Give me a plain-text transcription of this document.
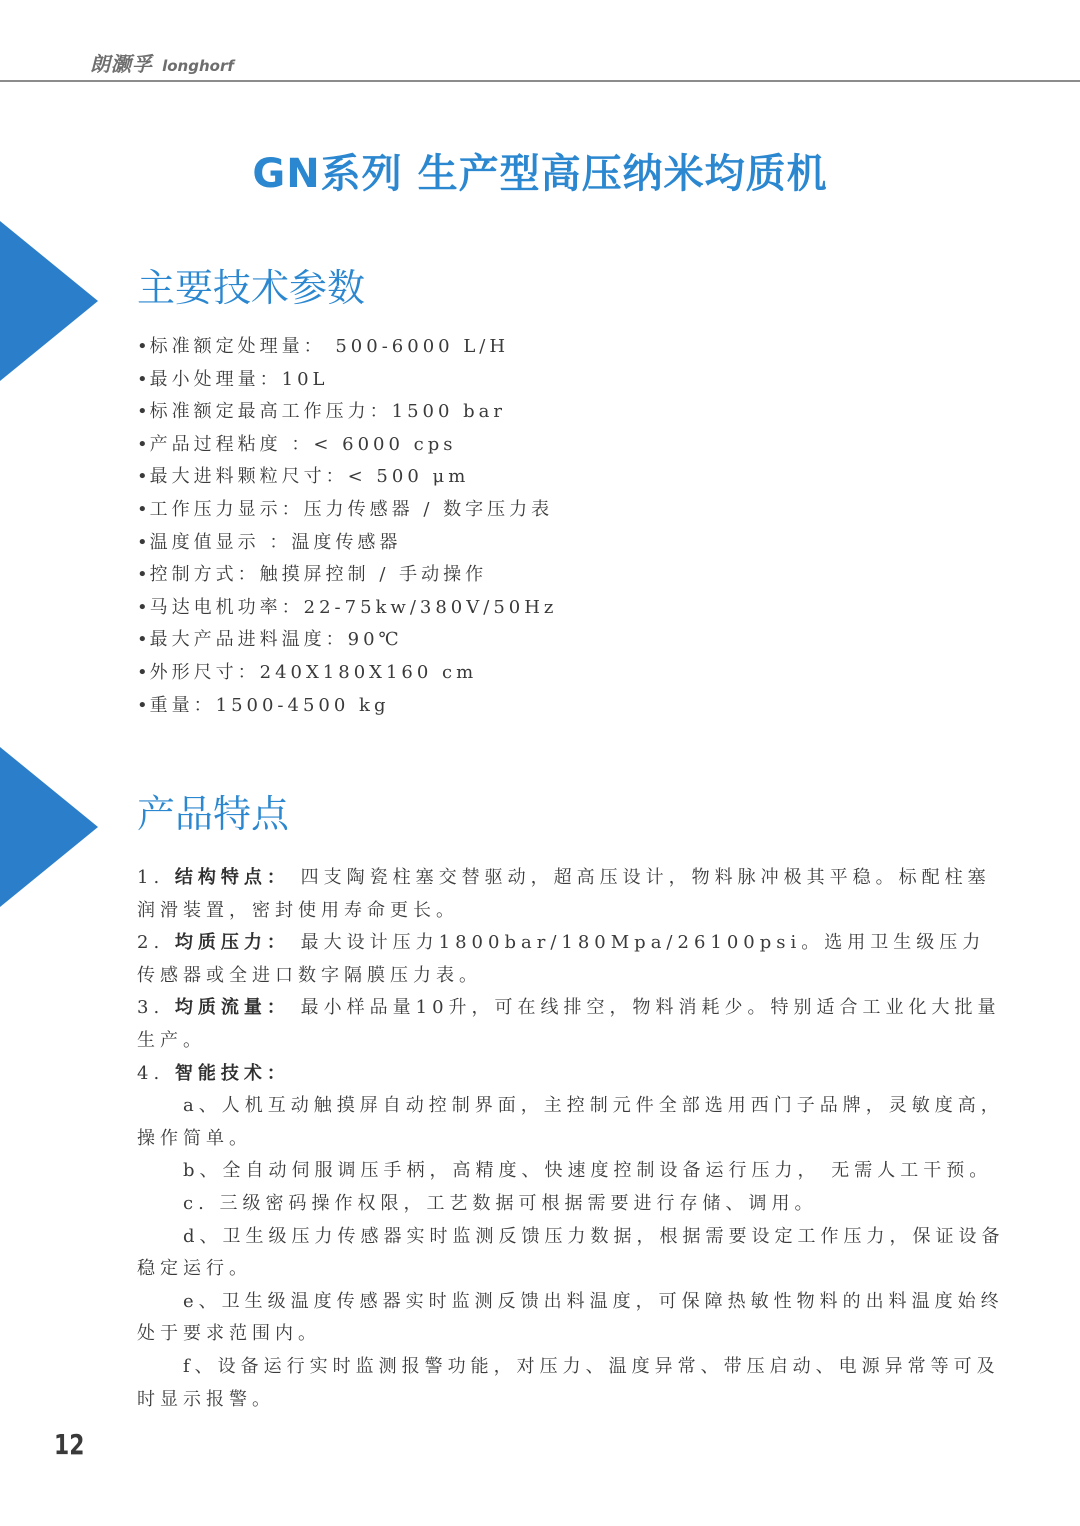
朗灏孚 longhorf
GN系列 生产型高压纳米均质机
主要技术参数
• 标准额定处理量： 500-6000 L/H
• 最小处理量：10L
• 标准额定最高工作压力：1500 bar
• 产品过程粘度 ：< 6000 cps
• 最大进料颗粒尺寸：< 500 μm
• 工作压力显示：压力传感器 / 数字压力表
• 温度值显示 ：温度传感器
• 控制方式：触摸屏控制 / 手动操作
• 马达电机功率：22-75kw/380V/50Hz
• 最大产品进料温度：90℃
• 外形尺寸：240X180X160 cm
• 重量：1500-4500 kg
产品特点

1. 结构特点： 四支陶瓷柱塞交替驱动，超高压设计，物料脉冲极其平稳。标配柱塞润滑装置，密封使用寿命更长。

2. 均质压力： 最大设计压力1800bar/180Mpa/26100psi。选用卫生级压力传感器或全进口数字隔膜压力表。

3. 均质流量： 最小样品量10升，可在线排空，物料消耗少。特别适合工业化大批量生产。

4. 智能技术：

a、人机互动触摸屏自动控制界面，主控制元件全部选用西门子品牌，灵敏度高，操作简单。

b、全自动伺服调压手柄，高精度、快速度控制设备运行压力， 无需人工干预。

c. 三级密码操作权限，工艺数据可根据需要进行存储、调用。

d、卫生级压力传感器实时监测反馈压力数据，根据需要设定工作压力，保证设备稳定运行。

e、卫生级温度传感器实时监测反馈出料温度，可保障热敏性物料的出料温度始终处于要求范围内。

f、设备运行实时监测报警功能，对压力、温度异常、带压启动、电源异常等可及时显示报警。

12
